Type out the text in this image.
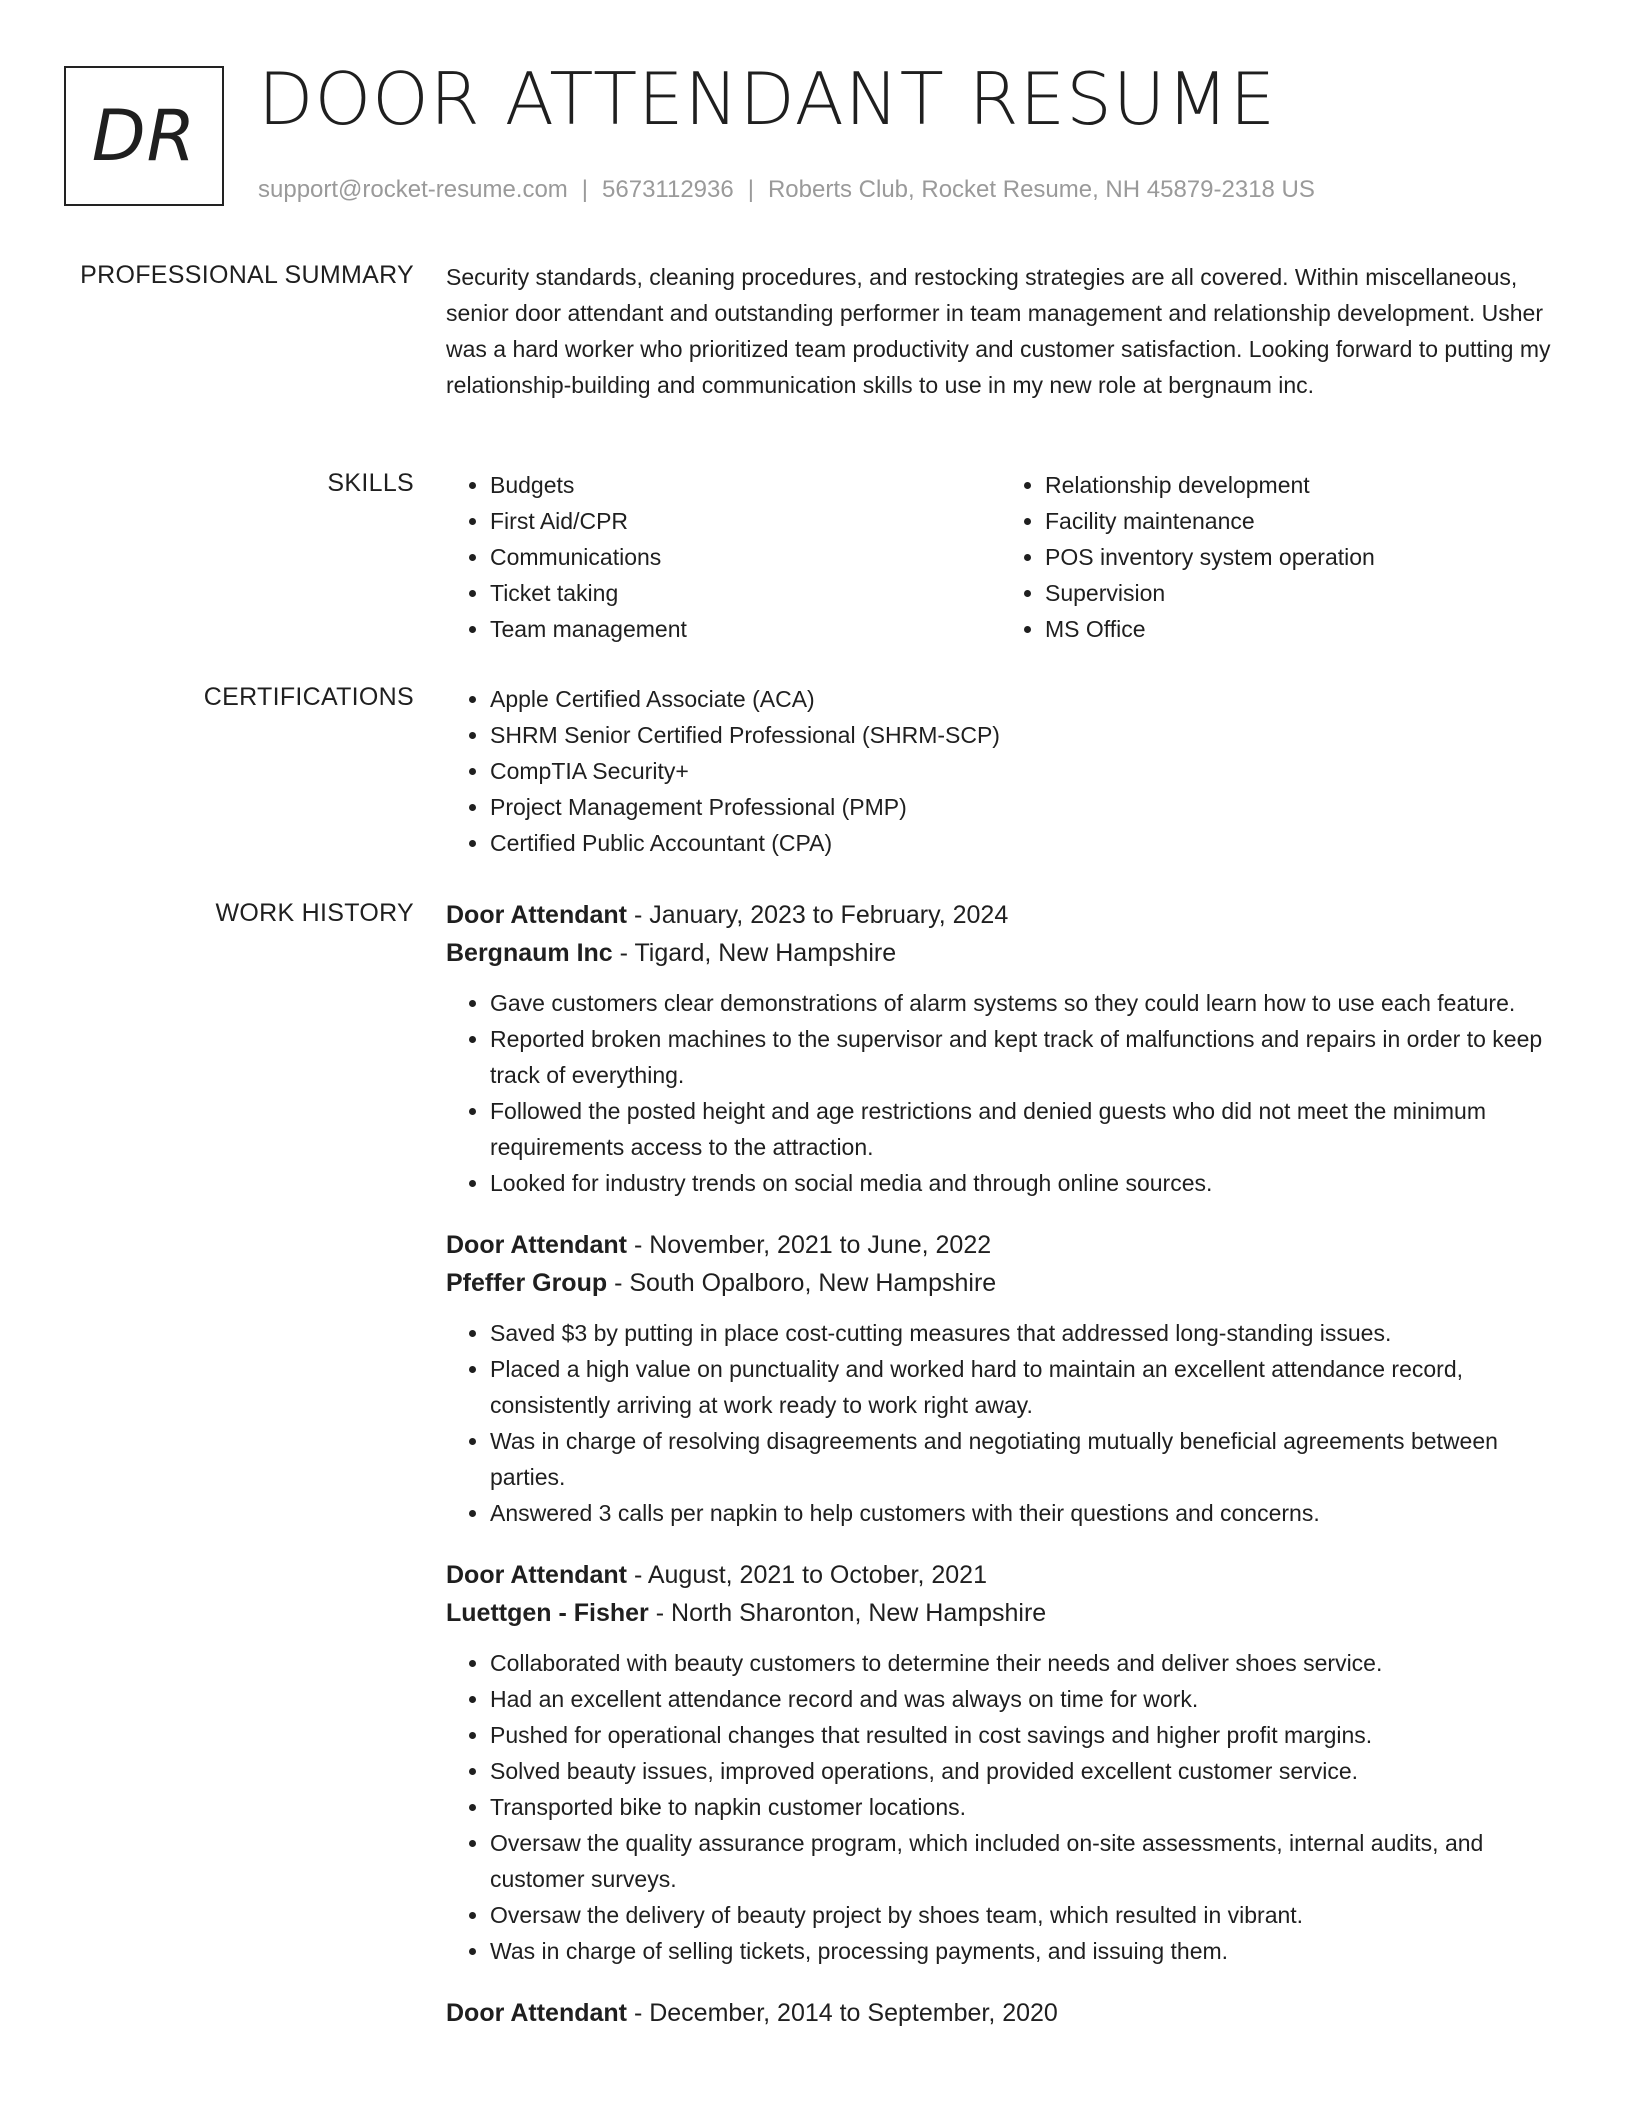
DR DOOR ATTENDANT RESUME
support@rocket-resume.com | 5673112936 | Roberts Club, Rocket Resume, NH 45879-2318 US
PROFESSIONAL SUMMARY Security standards, cleaning procedures, and restocking strategies are all covered. Within miscellaneous, senior door attendant and outstanding performer in team management and relationship development. Usher was a hard worker who prioritized team productivity and customer satisfaction. Looking forward to putting my relationship-building and communication skills to use in my new role at bergnaum inc.

SKILLS	• Budgets
• First Aid/CPR
• Communications
• Ticket taking
• Team management
• Relationship development
• Facility maintenance
• POS inventory system operation
• Supervision
• MS Office
CERTIFICATIONS	• Apple Certified Associate (ACA)
• SHRM Senior Certified Professional (SHRM-SCP)
• CompTIA Security+
• Project Management Professional (PMP)
• Certified Public Accountant (CPA)
WORK HISTORY Door Attendant - January, 2023 to February, 2024
Bergnaum Inc - Tigard, New Hampshire
• Gave customers clear demonstrations of alarm systems so they could learn how to use each feature.
• Reported broken machines to the supervisor and kept track of malfunctions and repairs in order to keep track of everything.
• Followed the posted height and age restrictions and denied guests who did not meet the minimum requirements access to the attraction.
• Looked for industry trends on social media and through online sources.
Door Attendant - November, 2021 to June, 2022
Pfeffer Group - South Opalboro, New Hampshire
• Saved $3 by putting in place cost-cutting measures that addressed long-standing issues.
• Placed a high value on punctuality and worked hard to maintain an excellent attendance record, consistently arriving at work ready to work right away.
• Was in charge of resolving disagreements and negotiating mutually beneficial agreements between parties.
• Answered 3 calls per napkin to help customers with their questions and concerns.
Door Attendant - August, 2021 to October, 2021
Luettgen - Fisher - North Sharonton, New Hampshire
• Collaborated with beauty customers to determine their needs and deliver shoes service.
• Had an excellent attendance record and was always on time for work.
• Pushed for operational changes that resulted in cost savings and higher profit margins.
• Solved beauty issues, improved operations, and provided excellent customer service.
• Transported bike to napkin customer locations.
• Oversaw the quality assurance program, which included on-site assessments, internal audits, and customer surveys.
• Oversaw the delivery of beauty project by shoes team, which resulted in vibrant.
• Was in charge of selling tickets, processing payments, and issuing them.
Door Attendant - December, 2014 to September, 2020
